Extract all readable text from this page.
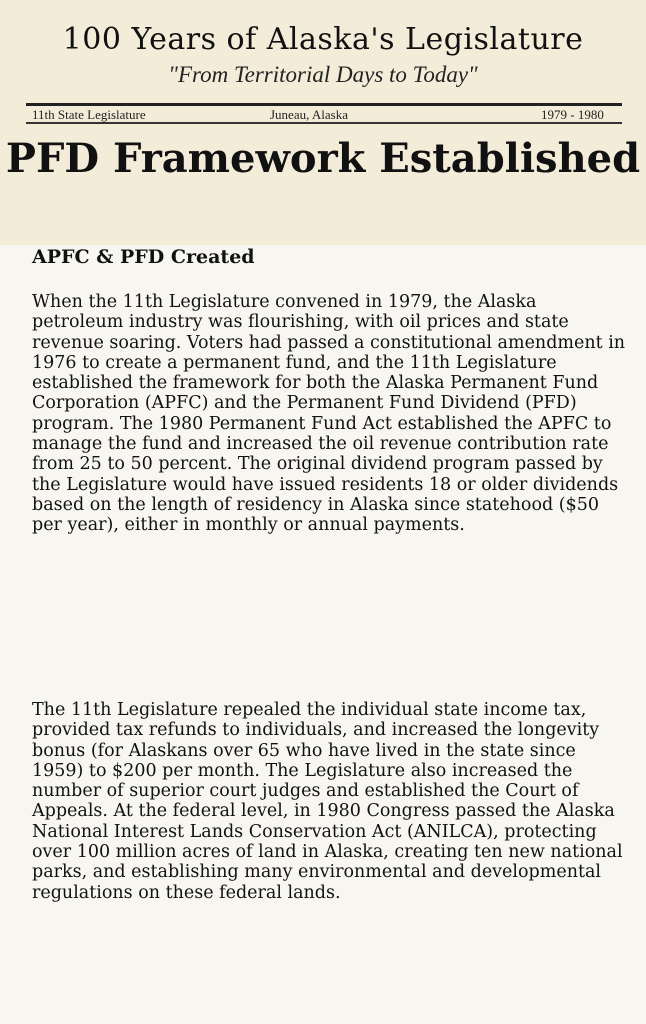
100 Years of Alaska's Legislature
"From Territorial Days to Today"
11th State Legislature	Juneau, Alaska	1979 - 1980
PFD Framework Established
APFC & PFD Created

When the 11th Legislature convened in 1979, the Alaska petroleum industry was flourishing, with oil prices and state revenue soaring. Voters had passed a constitutional amendment in 1976 to create a permanent fund, and the 11th Legislature established the framework for both the Alaska Permanent Fund Corporation (APFC) and the Permanent Fund Dividend (PFD) program. The 1980 Permanent Fund Act established the APFC to manage the fund and increased the oil revenue contribution rate from 25 to 50 percent. The original dividend program passed by the Legislature would have issued residents 18 or older dividends based on the length of residency in Alaska since statehood ($50 per year), either in monthly or annual payments.

The 11th Legislature repealed the individual state income tax, provided tax refunds to individuals, and increased the longevity bonus (for Alaskans over 65 who have lived in the state since 1959) to $200 per month. The Legislature also increased the number of superior court judges and established the Court of Appeals. At the federal level, in 1980 Congress passed the Alaska National Interest Lands Conservation Act (ANILCA), protecting over 100 million acres of land in Alaska, creating ten new national parks, and establishing many environmental and developmental regulations on these federal lands.
